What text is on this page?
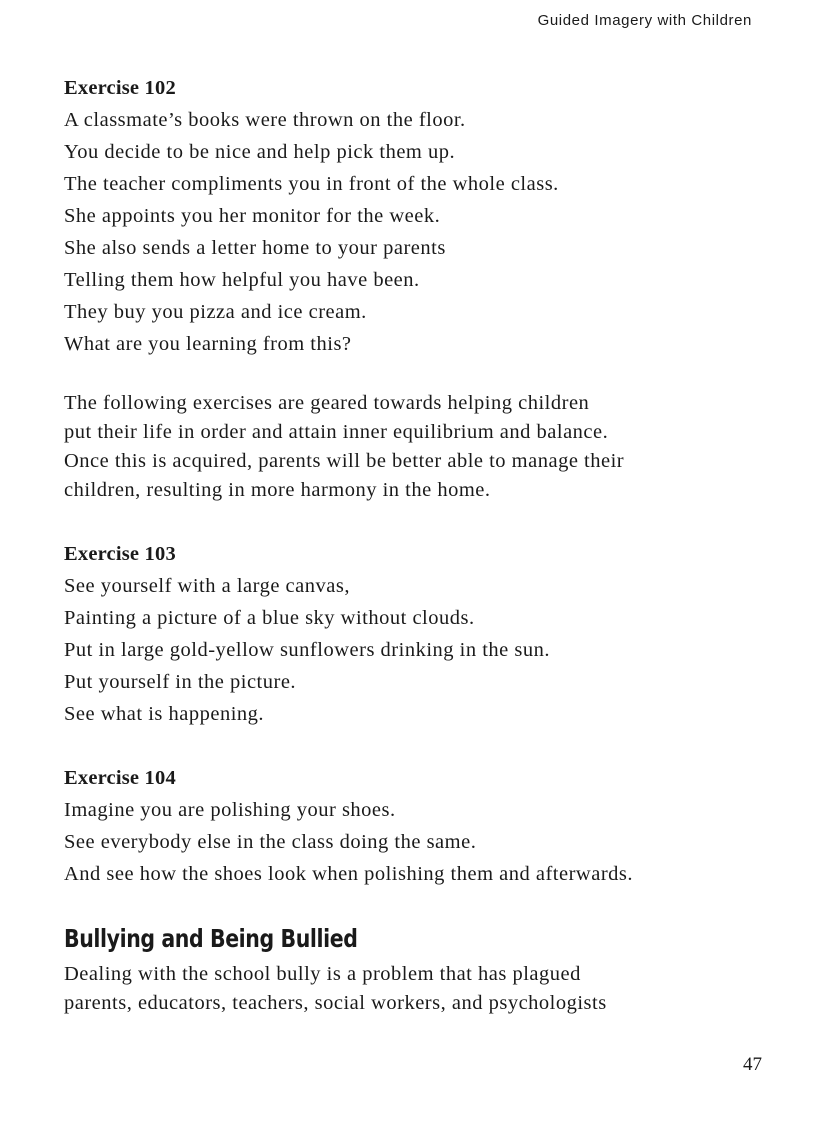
Guided Imagery with Children
Exercise 102
A classmate’s books were thrown on the floor.
You decide to be nice and help pick them up.
The teacher compliments you in front of the whole class.
She appoints you her monitor for the week.
She also sends a letter home to your parents
Telling them how helpful you have been.
They buy you pizza and ice cream.
What are you learning from this?
The following exercises are geared towards helping children
put their life in order and attain inner equilibrium and balance.
Once this is acquired, parents will be better able to manage their
children, resulting in more harmony in the home.
Exercise 103
See yourself with a large canvas,
Painting a picture of a blue sky without clouds.
Put in large gold-yellow sunflowers drinking in the sun.
Put yourself in the picture.
See what is happening.
Exercise 104
Imagine you are polishing your shoes.
See everybody else in the class doing the same.
And see how the shoes look when polishing them and afterwards.
Bullying and Being Bullied
Dealing with the school bully is a problem that has plagued
parents, educators, teachers, social workers, and psychologists
47
